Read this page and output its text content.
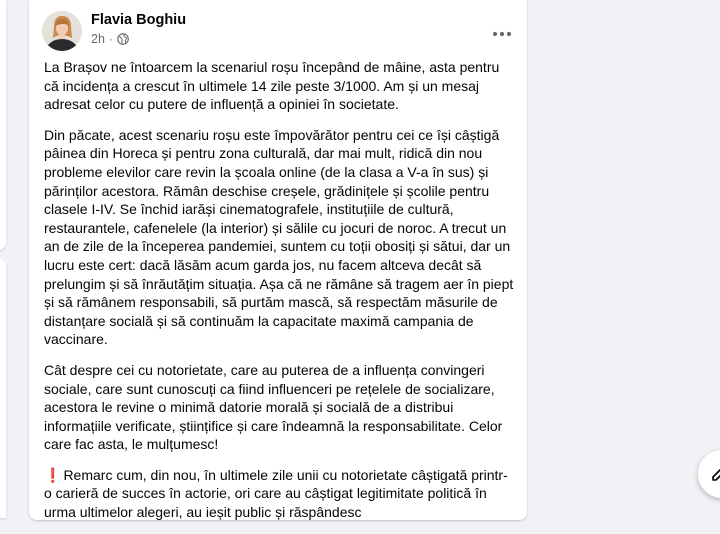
Flavia Boghiu
2h ·

La Brașov ne întoarcem la scenariul roșu începând de mâine, asta pentru că incidența a crescut în ultimele 14 zile peste 3/1000. Am și un mesaj adresat celor cu putere de influență a opiniei în societate.

Din păcate, acest scenariu roșu este împovărător pentru cei ce își câștigă pâinea din Horeca și pentru zona culturală, dar mai mult, ridică din nou probleme elevilor care revin la școala online (de la clasa a V-a în sus) și părinților acestora. Rămân deschise creșele, grădinițele și școlile pentru clasele I-IV. Se închid iarăși cinematografele, instituțiile de cultură, restaurantele, cafenelele (la interior) și sălile cu jocuri de noroc. A trecut un an de zile de la începerea pandemiei, suntem cu toții obosiți și sătui, dar un lucru este cert: dacă lăsăm acum garda jos, nu facem altceva decât să prelungim și să înrăutățim situația. Așa că ne rămâne să tragem aer în piept și să rămânem responsabili, să purtăm mască, să respectăm măsurile de distanțare socială și să continuăm la capacitate maximă campania de vaccinare.

Cât despre cei cu notorietate, care au puterea de a influența convingeri sociale, care sunt cunoscuți ca fiind influenceri pe rețelele de socializare, acestora le revine o minimă datorie morală și socială de a distribui informațiile verificate, științifice și care îndeamnă la responsabilitate. Celor care fac asta, le mulțumesc!

❗ Remarc cum, din nou, în ultimele zile unii cu notorietate câștigată printr-o carieră de succes în actorie, ori care au câștigat legitimitate politică în urma ultimelor alegeri, au ieșit public și răspândesc
